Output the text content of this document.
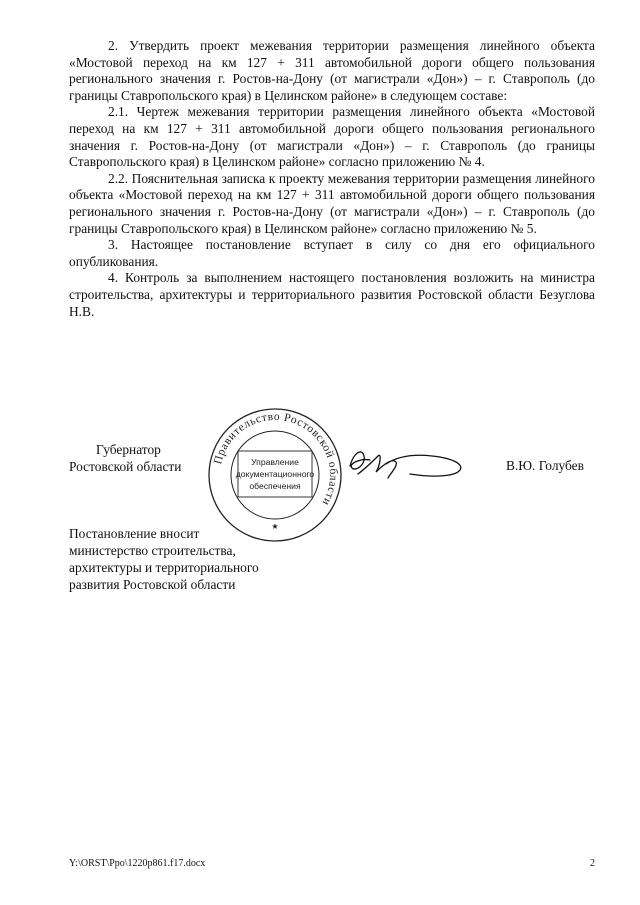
2. Утвердить проект межевания территории размещения линейного объекта «Мостовой переход на км 127 + 311 автомобильной дороги общего пользования регионального значения г. Ростов-на-Дону (от магистрали «Дон») – г. Ставрополь (до границы Ставропольского края) в Целинском районе» в следующем составе:

2.1. Чертеж межевания территории размещения линейного объекта «Мостовой переход на км 127 + 311 автомобильной дороги общего пользования регионального значения г. Ростов-на-Дону (от магистрали «Дон») – г. Ставрополь (до границы Ставропольского края) в Целинском районе» согласно приложению № 4.

2.2. Пояснительная записка к проекту межевания территории размещения линейного объекта «Мостовой переход на км 127 + 311 автомобильной дороги общего пользования регионального значения г. Ростов-на-Дону (от магистрали «Дон») – г. Ставрополь (до границы Ставропольского края) в Целинском районе» согласно приложению № 5.

3. Настоящее постановление вступает в силу со дня его официального опубликования.

4. Контроль за выполнением настоящего постановления возложить на министра строительства, архитектуры и территориального развития Ростовской области Безуглова Н.В.

Губернатор
Ростовской области	Правительство Ростовской области
★
Управление
документационного
обеспечения
В.Ю. Голубев
Постановление вносит
министерство строительства,
архитектуры и территориального
развития Ростовской области
Y:\ORST\Ppo\1220p861.f17.docx	2
